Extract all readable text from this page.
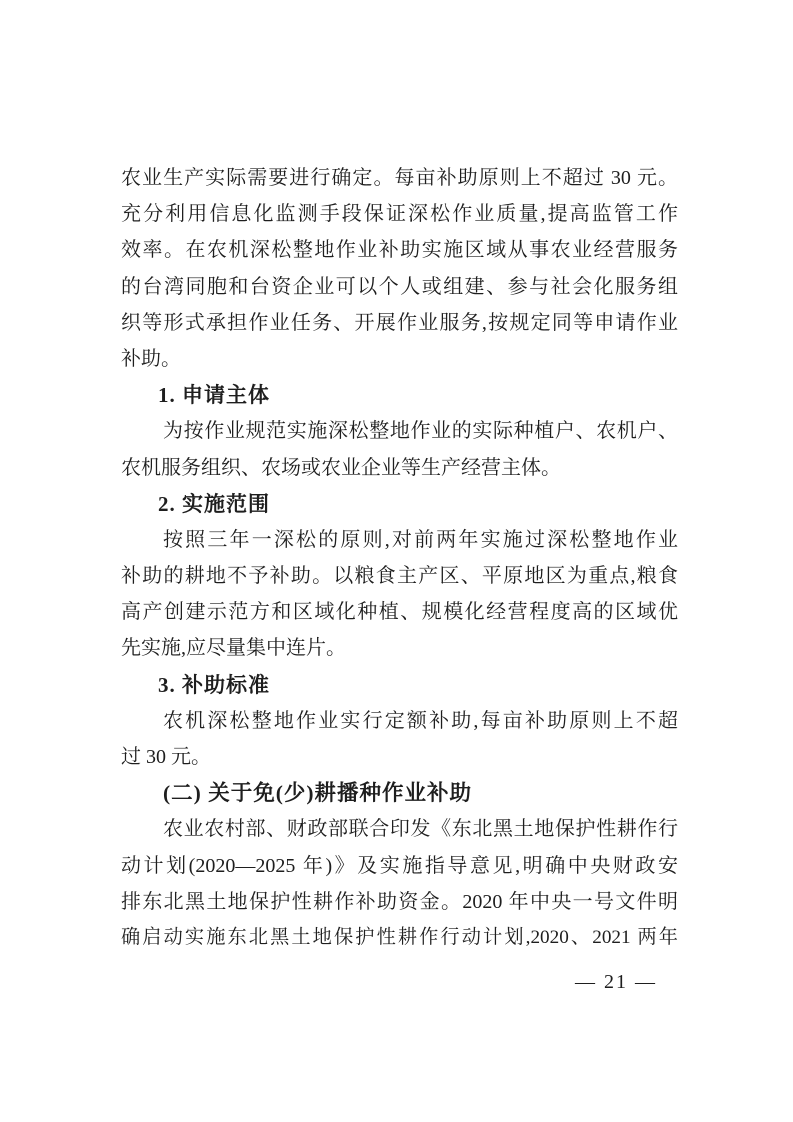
农业生产实际需要进行确定。每亩补助原则上不超过 30 元。
充分利用信息化监测手段保证深松作业质量,提高监管工作
效率。在农机深松整地作业补助实施区域从事农业经营服务
的台湾同胞和台资企业可以个人或组建、参与社会化服务组
织等形式承担作业任务、开展作业服务,按规定同等申请作业
补助。
1. 申请主体
为按作业规范实施深松整地作业的实际种植户、农机户、
农机服务组织、农场或农业企业等生产经营主体。
2. 实施范围
按照三年一深松的原则,对前两年实施过深松整地作业
补助的耕地不予补助。以粮食主产区、平原地区为重点,粮食
高产创建示范方和区域化种植、规模化经营程度高的区域优
先实施,应尽量集中连片。
3. 补助标准
农机深松整地作业实行定额补助,每亩补助原则上不超
过 30 元。
(二) 关于免(少)耕播种作业补助
农业农村部、财政部联合印发《东北黑土地保护性耕作行
动计划(2020—2025 年)》及实施指导意见,明确中央财政安
排东北黑土地保护性耕作补助资金。2020 年中央一号文件明
确启动实施东北黑土地保护性耕作行动计划,2020、2021 两年
— 21 —
